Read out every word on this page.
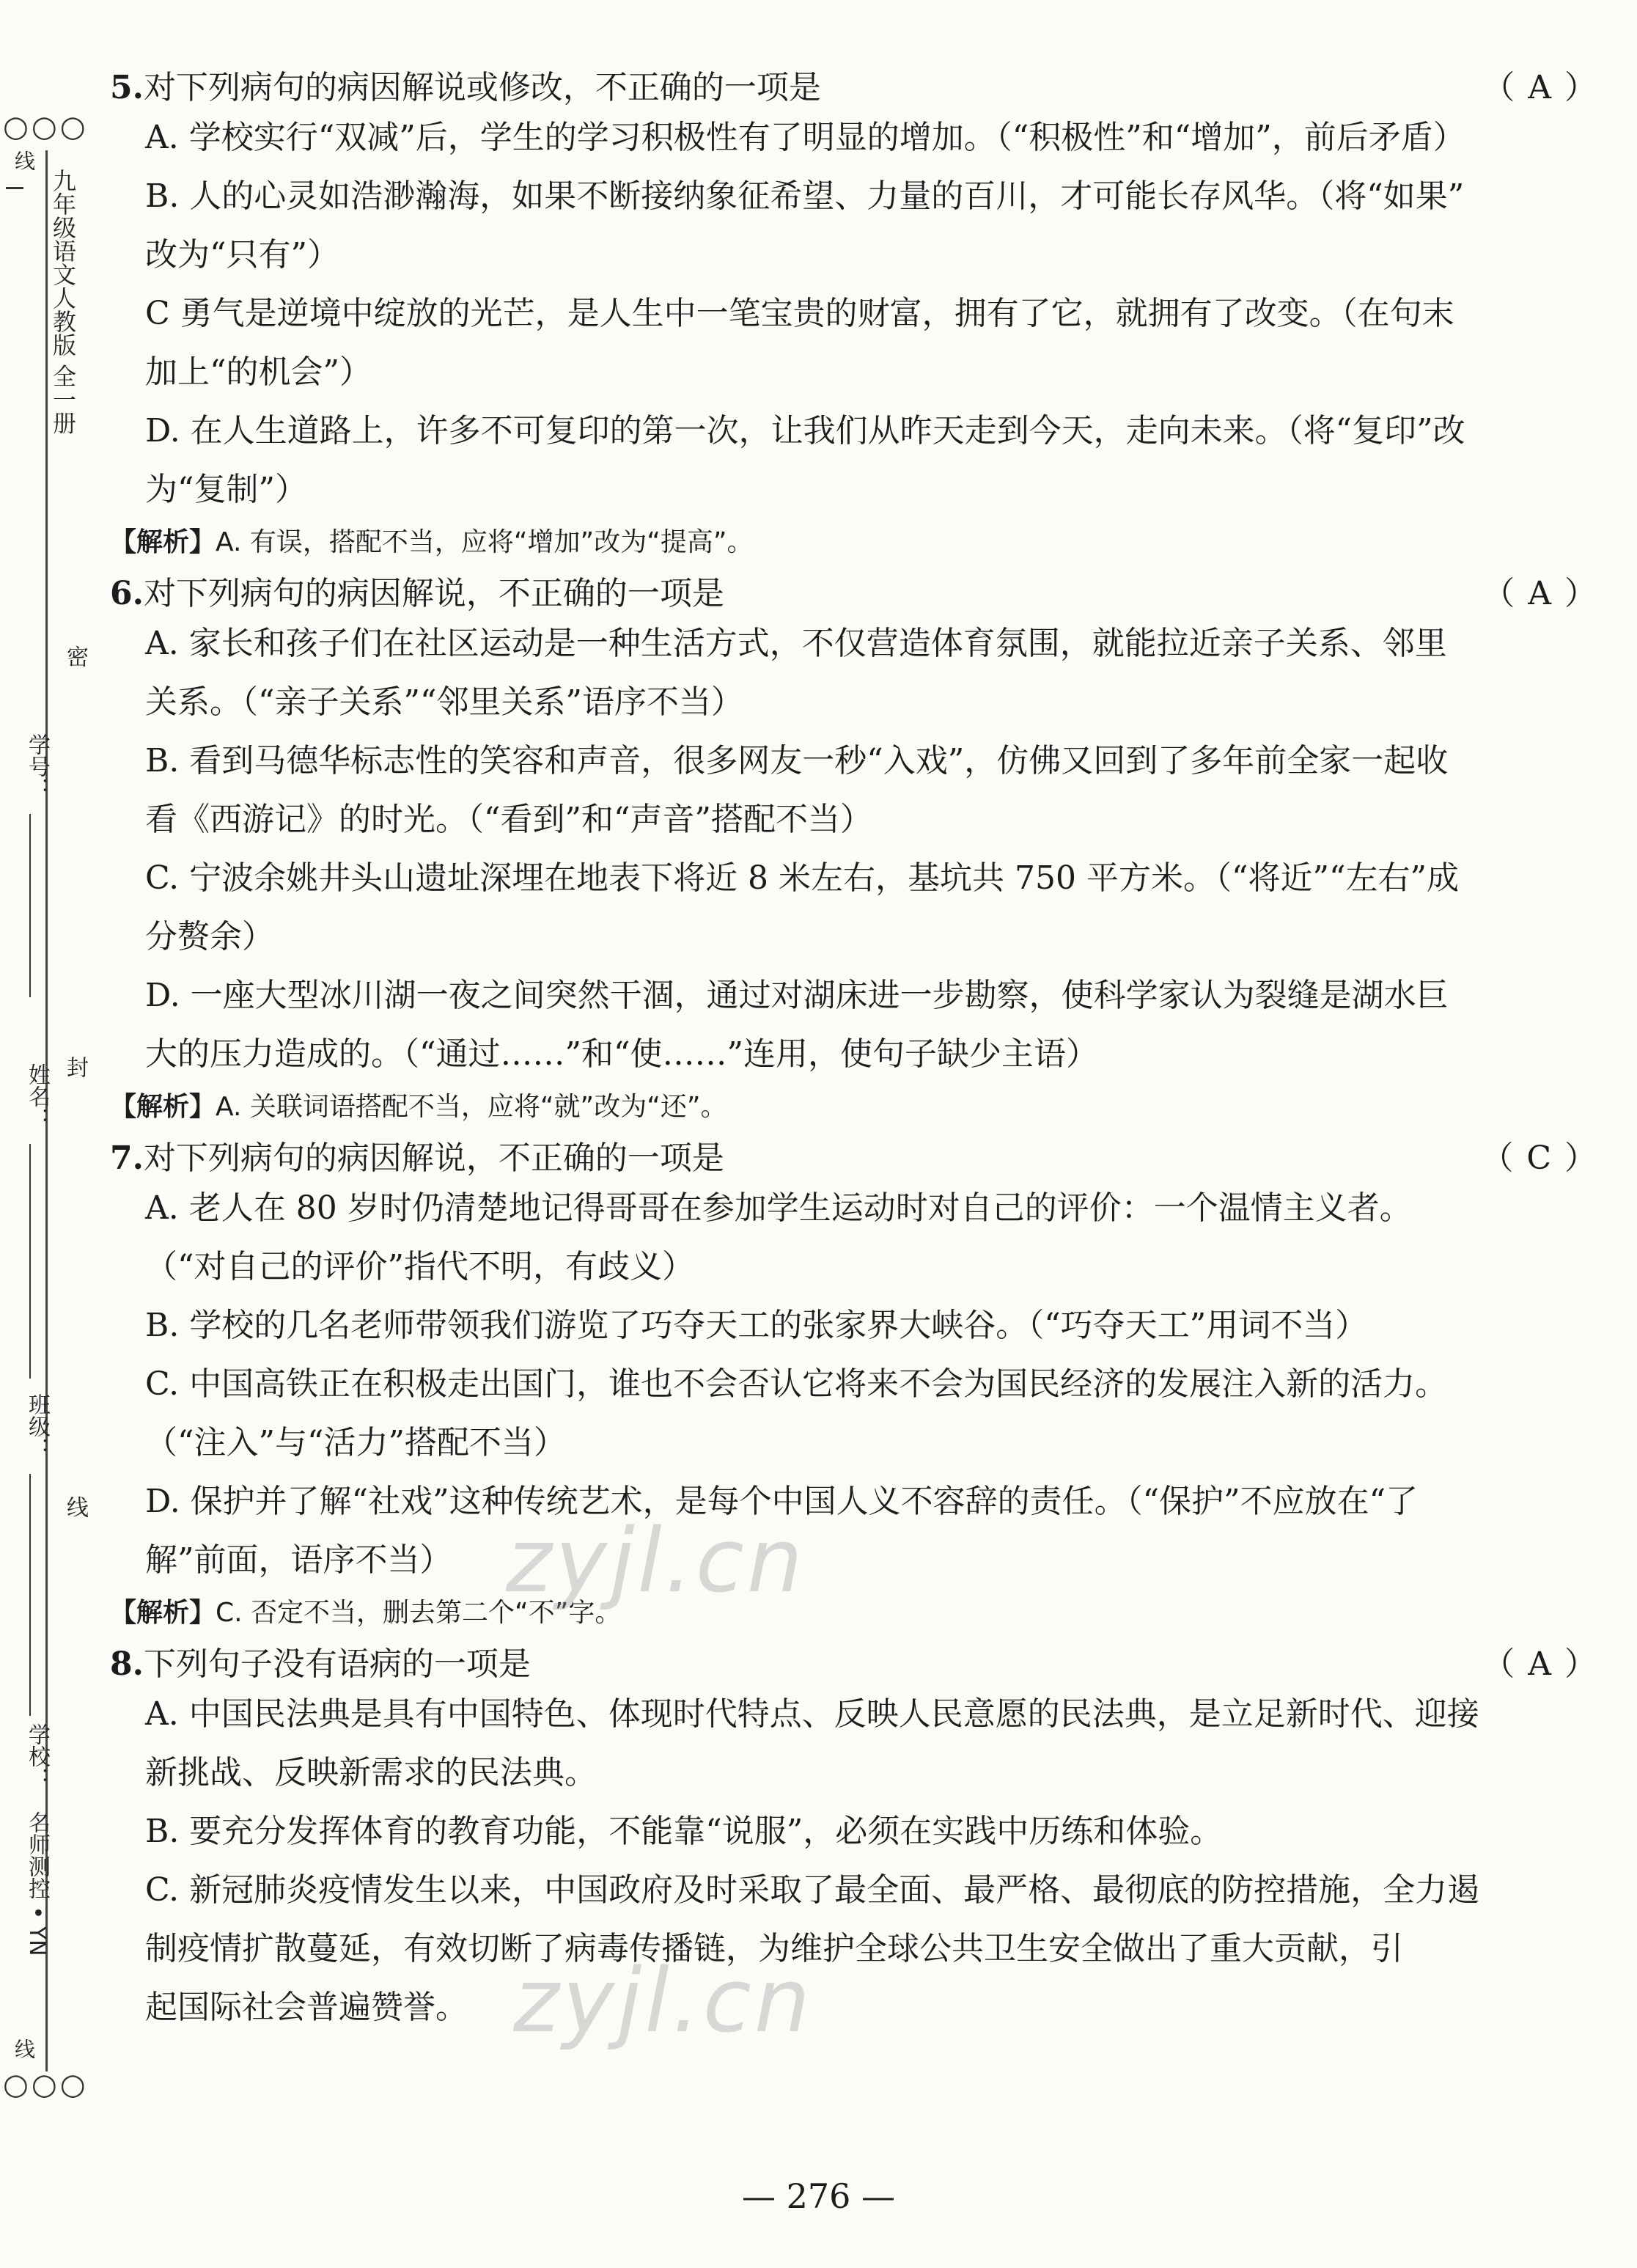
○○○
线
九年级语文人教版 全一册
密
封
线
学号：
姓名：
班级：
学校：
名师测控 • YN
线
○○○
5.对下列病句的病因解说或修改，不正确的一项是	（ A ）
A. 学校实行“双减”后，学生的学习积极性有了明显的增加。（“积极性”和“增加”，前后矛盾）
B. 人的心灵如浩渺瀚海，如果不断接纳象征希望、力量的百川，才可能长存风华。（将“如果”
改为“只有”）
C 勇气是逆境中绽放的光芒，是人生中一笔宝贵的财富，拥有了它，就拥有了改变。（在句末
加上“的机会”）
D. 在人生道路上，许多不可复印的第一次，让我们从昨天走到今天，走向未来。（将“复印”改
为“复制”）
【解析】A. 有误，搭配不当，应将“增加”改为“提高”。
6.对下列病句的病因解说，不正确的一项是	（ A ）
A. 家长和孩子们在社区运动是一种生活方式，不仅营造体育氛围，就能拉近亲子关系、邻里
关系。（“亲子关系”“邻里关系”语序不当）
B. 看到马德华标志性的笑容和声音，很多网友一秒“入戏”，仿佛又回到了多年前全家一起收
看《西游记》的时光。（“看到”和“声音”搭配不当）
C. 宁波余姚井头山遗址深埋在地表下将近 8 米左右，基坑共 750 平方米。（“将近”“左右”成
分赘余）
D. 一座大型冰川湖一夜之间突然干涸，通过对湖床进一步勘察，使科学家认为裂缝是湖水巨
大的压力造成的。（“通过……”和“使……”连用，使句子缺少主语）
【解析】A. 关联词语搭配不当，应将“就”改为“还”。
7.对下列病句的病因解说，不正确的一项是	（ C ）
A. 老人在 80 岁时仍清楚地记得哥哥在参加学生运动时对自己的评价：一个温情主义者。
（“对自己的评价”指代不明，有歧义）
B. 学校的几名老师带领我们游览了巧夺天工的张家界大峡谷。（“巧夺天工”用词不当）
C. 中国高铁正在积极走出国门，谁也不会否认它将来不会为国民经济的发展注入新的活力。
（“注入”与“活力”搭配不当）
D. 保护并了解“社戏”这种传统艺术，是每个中国人义不容辞的责任。（“保护”不应放在“了
解”前面，语序不当）
【解析】C. 否定不当，删去第二个“不”字。
8.下列句子没有语病的一项是	（ A ）
A. 中国民法典是具有中国特色、体现时代特点、反映人民意愿的民法典，是立足新时代、迎接
新挑战、反映新需求的民法典。
B. 要充分发挥体育的教育功能，不能靠“说服”，必须在实践中历练和体验。
C. 新冠肺炎疫情发生以来，中国政府及时采取了最全面、最严格、最彻底的防控措施，全力遏
制疫情扩散蔓延，有效切断了病毒传播链，为维护全球公共卫生安全做出了重大贡献，引
起国际社会普遍赞誉。
zyjl.cn
zyjl.cn
— 276 —
